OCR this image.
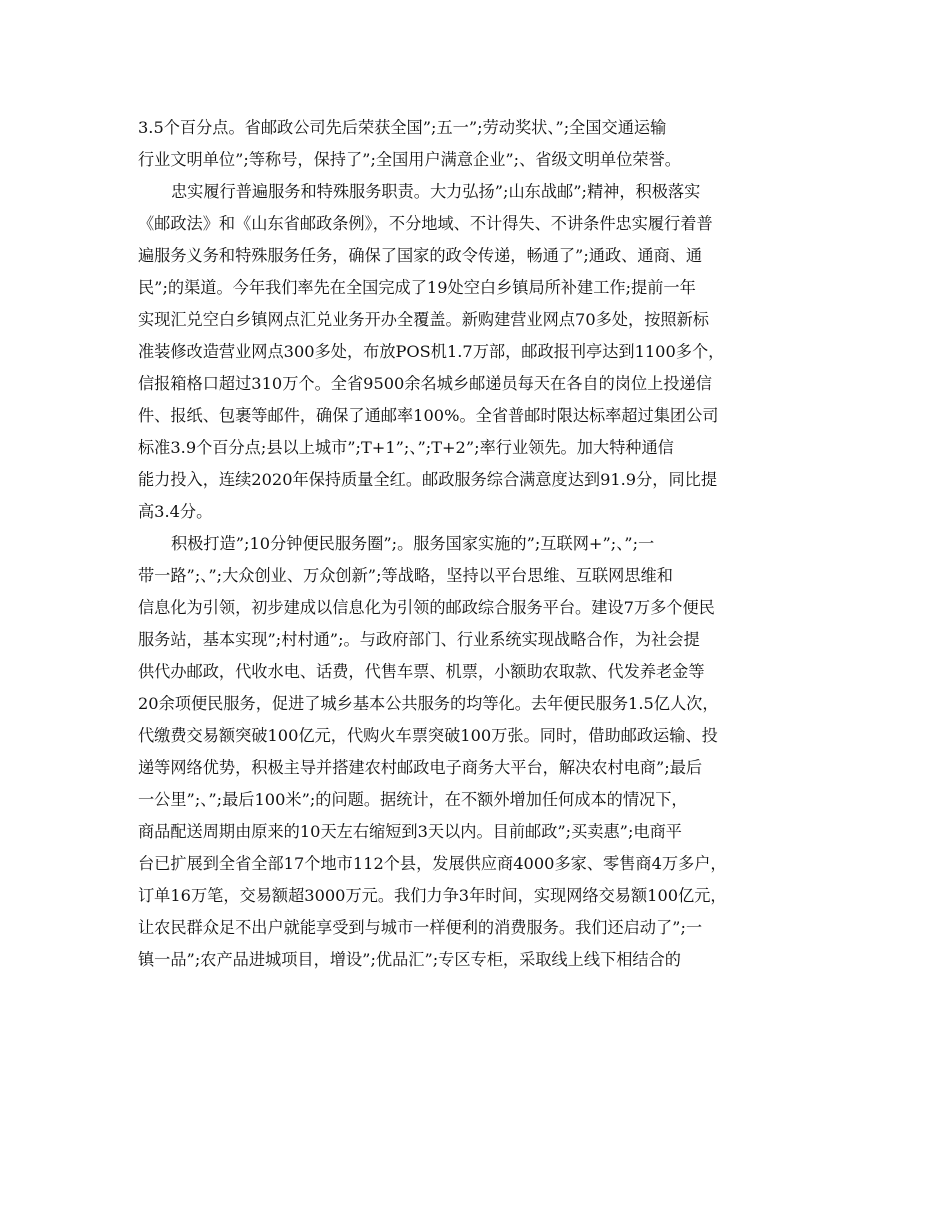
3.5个百分点。省邮政公司先后荣获全国”;五一”;劳动奖状、”;全国交通运输
行业文明单位”;等称号，保持了”;全国用户满意企业”;、省级文明单位荣誉。
忠实履行普遍服务和特殊服务职责。大力弘扬”;山东战邮”;精神，积极落实
《邮政法》和《山东省邮政条例》，不分地域、不计得失、不讲条件忠实履行着普
遍服务义务和特殊服务任务，确保了国家的政令传递，畅通了”;通政、通商、通
民”;的渠道。今年我们率先在全国完成了19处空白乡镇局所补建工作;提前一年
实现汇兑空白乡镇网点汇兑业务开办全覆盖。新购建营业网点70多处，按照新标
准装修改造营业网点300多处，布放POS机1.7万部，邮政报刊亭达到1100多个，
信报箱格口超过310万个。全省9500余名城乡邮递员每天在各自的岗位上投递信
件、报纸、包裹等邮件，确保了通邮率100%。全省普邮时限达标率超过集团公司
标准3.9个百分点;县以上城市”;T+1”;、”;T+2”;率行业领先。加大特种通信
能力投入，连续2020年保持质量全红。邮政服务综合满意度达到91.9分，同比提
高3.4分。
积极打造”;10分钟便民服务圈”;。服务国家实施的”;互联网+”;、”;一
带一路”;、”;大众创业、万众创新”;等战略，坚持以平台思维、互联网思维和
信息化为引领，初步建成以信息化为引领的邮政综合服务平台。建设7万多个便民
服务站，基本实现”;村村通”;。与政府部门、行业系统实现战略合作，为社会提
供代办邮政，代收水电、话费，代售车票、机票，小额助农取款、代发养老金等
20余项便民服务，促进了城乡基本公共服务的均等化。去年便民服务1.5亿人次，
代缴费交易额突破100亿元，代购火车票突破100万张。同时，借助邮政运输、投
递等网络优势，积极主导并搭建农村邮政电子商务大平台，解决农村电商”;最后
一公里”;、”;最后100米”;的问题。据统计，在不额外增加任何成本的情况下，
商品配送周期由原来的10天左右缩短到3天以内。目前邮政”;买卖惠”;电商平
台已扩展到全省全部17个地市112个县，发展供应商4000多家、零售商4万多户，
订单16万笔，交易额超3000万元。我们力争3年时间，实现网络交易额100亿元，
让农民群众足不出户就能享受到与城市一样便利的消费服务。我们还启动了”;一
镇一品”;农产品进城项目，增设”;优品汇”;专区专柜，采取线上线下相结合的
